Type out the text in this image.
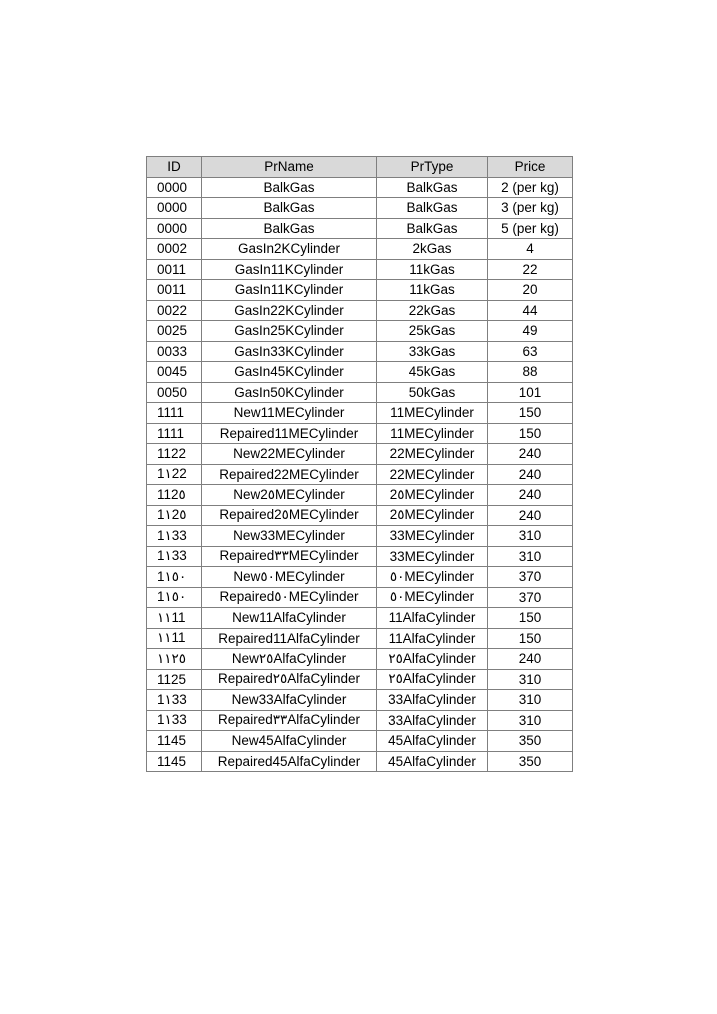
ID	PrName	PrType	Price
0000	BalkGas	BalkGas	2 (per kg)
0000	BalkGas	BalkGas	3 (per kg)
0000	BalkGas	BalkGas	5 (per kg)
0002	GasIn2KCylinder	2kGas	4
0011	GasIn11KCylinder	11kGas	22
0011	GasIn11KCylinder	11kGas	20
0022	GasIn22KCylinder	22kGas	44
0025	GasIn25KCylinder	25kGas	49
0033	GasIn33KCylinder	33kGas	63
0045	GasIn45KCylinder	45kGas	88
0050	GasIn50KCylinder	50kGas	101
1111	New11MECylinder	11MECylinder	150
1111	Repaired11MECylinder	11MECylinder	150
1122	New22MECylinder	22MECylinder	240
1١22	Repaired22MECylinder	22MECylinder	240
112٥	New2٥MECylinder	2٥MECylinder	240
1١2٥	Repaired2٥MECylinder	2٥MECylinder	240
1١33	New33MECylinder	33MECylinder	310
1١33	Repaired٣٣MECylinder	33MECylinder	310
1١٥٠	New٥٠MECylinder	٥٠MECylinder	370
1١٥٠	Repaired٥٠MECylinder	٥٠MECylinder	370
١١11	New11AlfaCylinder	11AlfaCylinder	150
١١11	Repaired11AlfaCylinder	11AlfaCylinder	150
١١٢٥	New٢٥AlfaCylinder	٢٥AlfaCylinder	240
1125	Repaired٢٥AlfaCylinder	٢٥AlfaCylinder	310
1١33	New33AlfaCylinder	33AlfaCylinder	310
1١33	Repaired٣٣AlfaCylinder	33AlfaCylinder	310
1145	New45AlfaCylinder	45AlfaCylinder	350
1145	Repaired45AlfaCylinder	45AlfaCylinder	350
